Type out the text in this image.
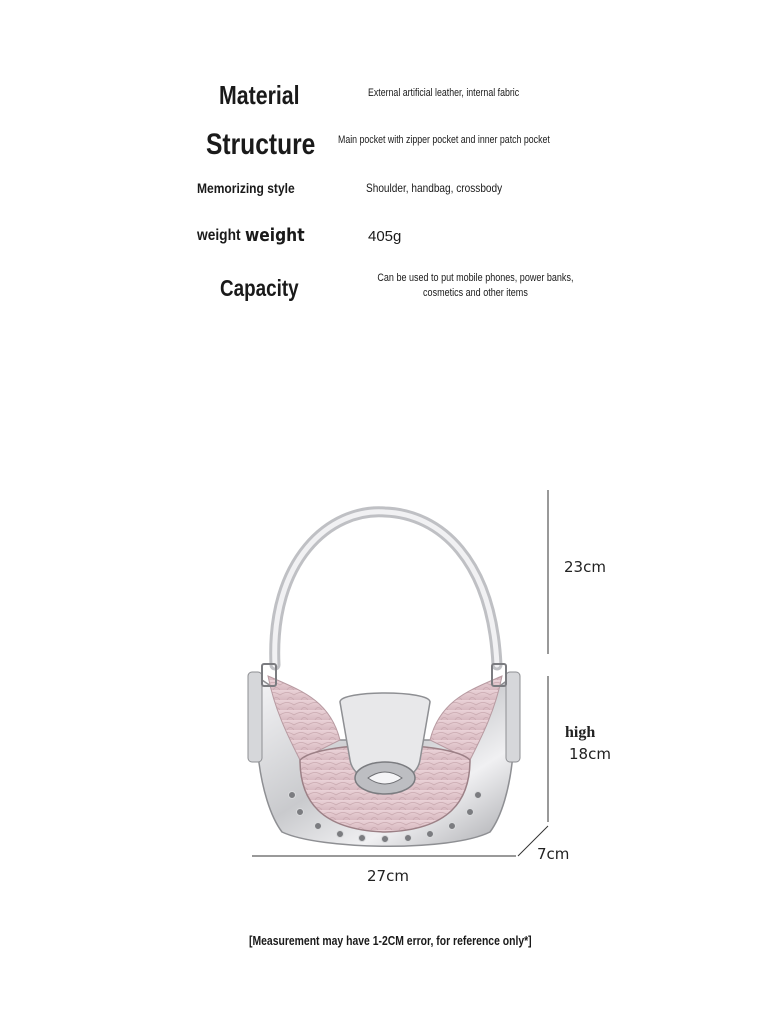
Material	External artificial leather, internal fabric

Structure Main pocket with zipper pocket and inner patch pocket

Memorizing style	Shoulder, handbag, crossbody

weight weight	405g

Capacity	Can be used to put mobile phones, power banks, cosmetics and other items

23cm

high

18cm

7cm

27cm

[Measurement may have 1-2CM error, for reference only*]
